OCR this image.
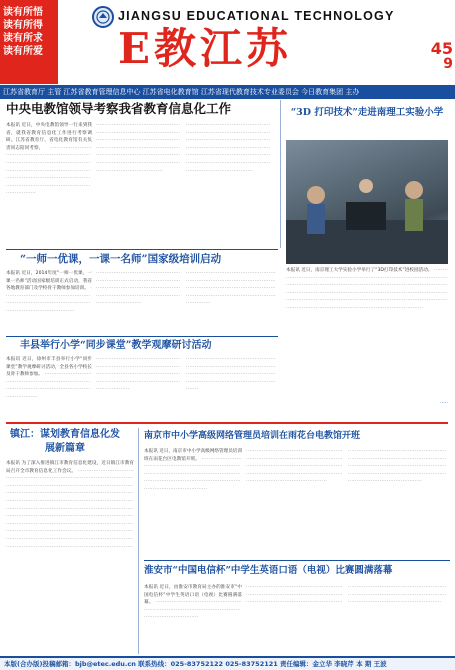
读有所悟
读有所得
读有所求
读有所爱
JIANGSU EDUCATIONAL TECHNOLOGY
E教江苏	45
9
江苏省教育厅 主管 江苏省教育管理信息中心 江苏省电化教育馆 江苏省现代教育技术专业委员会 今日教育集团 主办
中央电教馆领导考察我省教育信息化工作
本报讯 近日，中央电教馆领导一行来到我省，就我省教育信息化工作进行考察调研。江苏省教育厅、省电化教育馆有关负责同志陪同考察。 　·························································································································································································································································································
······································································································································································································································································································································
······································································································································································································································································································································
“3D 打印技术”走进南理工实验小学
本报讯 近日，南京理工大学实验小学举行了“3D打印技术”进校园活动。 ······································································································································································································································································································································································································································································
·····
“一师一优课，一课一名师”国家级培训启动
本报讯 近日，2014年度“一师一优课，一课一名师”活动国家级培训正式启动，我省各地教育部门及学校骨干教师参加培训。 ········································································································································
··························································································································································································································
··························································································································································································································
丰县举行小学“同步课堂”教学观摩研讨活动
本报讯 近日，徐州市丰县举行小学“同步课堂”教学观摩研讨活动，全县各小学校长及骨干教师参加。 ·············································································································································
···················································································································································································································
···················································································································································································································
镇江：谋划教育信息化发展新篇章
本报讯 为了深入推进镇江市教育信息化建设，近日镇江市教育局召开全市教育信息化工作会议。 ················································································································································································································································································································································································································································································································································································································································································································································································
南京市中小学高级网络管理员培训在雨花台电教馆开班
本报讯 近日，南京市中小学高级网络管理员培训班在雨花台区电教馆开班。 ································································································································································································································
··········································································································································································································································································
··········································································································································································································································································
淮安市“中国电信杯”中学生英语口语（电视）比赛圆满落幕
本报讯 近日，由淮安市教育局主办的淮安市“中国电信杯”中学生英语口语（电视）比赛圆满落幕。 ·······································································································································
·····································································································································································
·····································································································································································
本版(合办版)投稿邮箱：bjb@etec.edu.cn 联系热线：025-83752122 025-83752121 责任编辑：金立华 李晓芹 本 期 王波
